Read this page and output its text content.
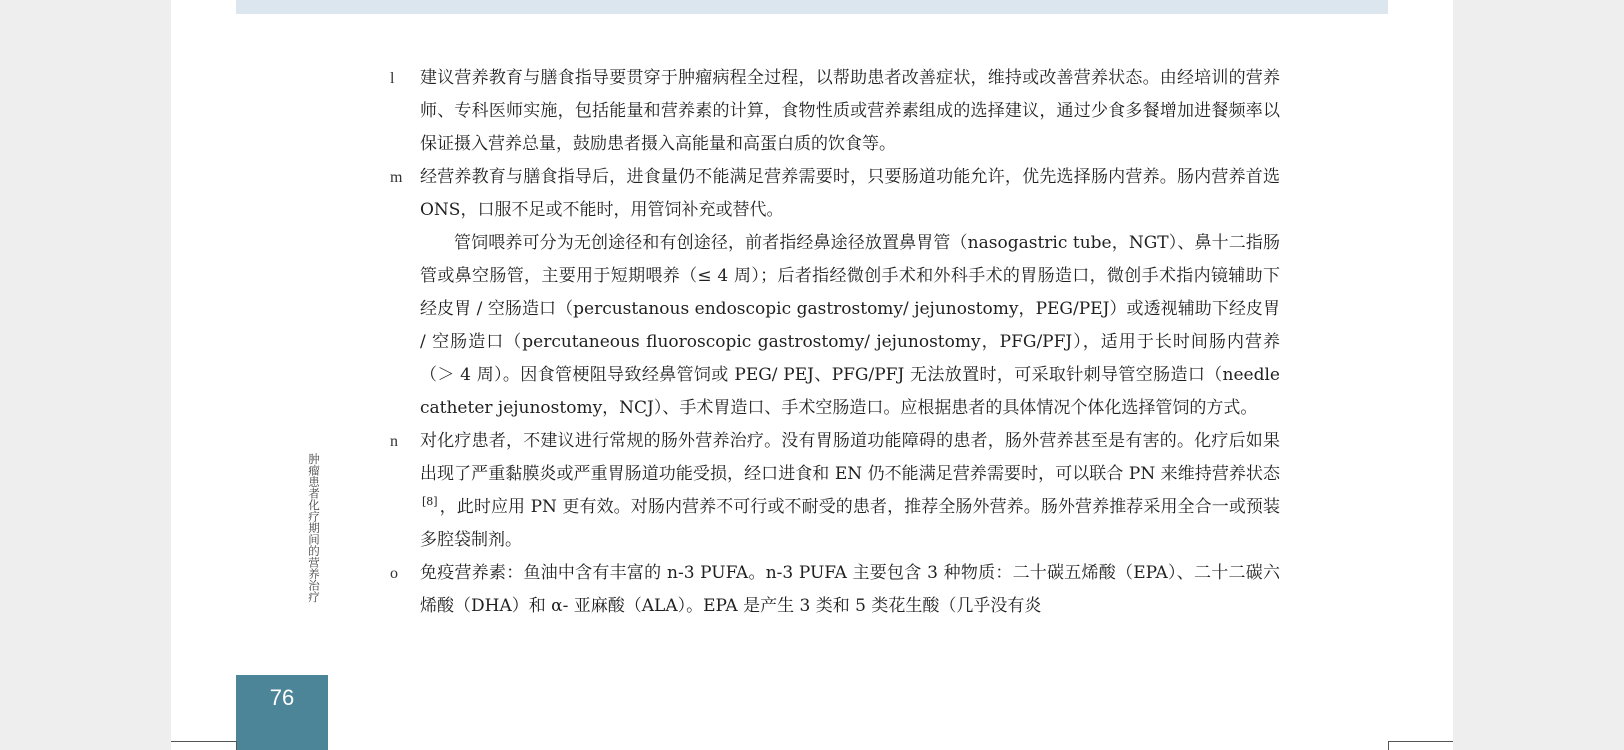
l	建议营养教育与膳食指导要贯穿于肿瘤病程全过程，以帮助患者改善症状，维持或改善营养状态。由经培训的营养师、专科医师实施，包括能量和营养素的计算，食物性质或营养素组成的选择建议，通过少食多餐增加进餐频率以保证摄入营养总量，鼓励患者摄入高能量和高蛋白质的饮食等。
m	经营养教育与膳食指导后，进食量仍不能满足营养需要时，只要肠道功能允许，优先选择肠内营养。肠内营养首选 ONS，口服不足或不能时，用管饲补充或替代。
管饲喂养可分为无创途径和有创途径，前者指经鼻途径放置鼻胃管（nasogastric tube，NGT）、鼻十二指肠管或鼻空肠管，主要用于短期喂养（≤ 4 周）；后者指经微创手术和外科手术的胃肠造口，微创手术指内镜辅助下经皮胃 / 空肠造口（percustanous endoscopic gastrostomy/ jejunostomy，PEG/PEJ）或透视辅助下经皮胃 / 空肠造口（percutaneous fluoroscopic gastrostomy/ jejunostomy，PFG/PFJ），适用于长时间肠内营养（＞ 4 周）。因食管梗阻导致经鼻管饲或 PEG/ PEJ、PFG/PFJ 无法放置时，可采取针刺导管空肠造口（needle catheter jejunostomy，NCJ）、手术胃造口、手术空肠造口。应根据患者的具体情况个体化选择管饲的方式。
n	对化疗患者，不建议进行常规的肠外营养治疗。没有胃肠道功能障碍的患者，肠外营养甚至是有害的。化疗后如果出现了严重黏膜炎或严重胃肠道功能受损，经口进食和 EN 仍不能满足营养需要时，可以联合 PN 来维持营养状态[8] ，此时应用 PN 更有效。对肠内营养不可行或不耐受的患者，推荐全肠外营养。肠外营养推荐采用全合一或预装多腔袋制剂。
o	免疫营养素：鱼油中含有丰富的 n-3 PUFA。n-3 PUFA 主要包含 3 种物质：二十碳五烯酸（EPA）、二十二碳六烯酸（DHA）和 α- 亚麻酸（ALA）。EPA 是产生 3 类和 5 类花生酸（几乎没有炎
肿瘤患者化疗期间的营养治疗
76
